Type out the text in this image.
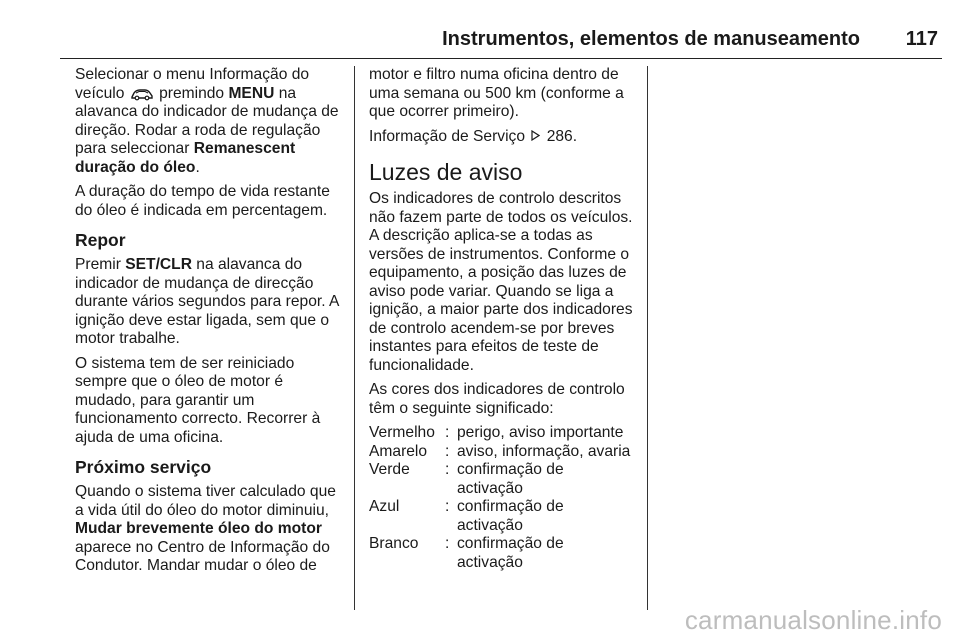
Instrumentos, elementos de manuseamento 117

Selecionar o menu Informação do veículo  premindo MENU na alavanca do indicador de mudança de direção. Rodar a roda de regulação para seleccionar Remanescent duração do óleo.

A duração do tempo de vida restante do óleo é indicada em percentagem.

Repor

Premir SET/CLR na alavanca do indicador de mudança de direcção durante vários segundos para repor. A ignição deve estar ligada, sem que o motor trabalhe.

O sistema tem de ser reiniciado sempre que o óleo de motor é mudado, para garantir um funcionamento correcto. Recorrer à ajuda de uma oficina.

Próximo serviço

Quando o sistema tiver calculado que a vida útil do óleo do motor diminuiu, Mudar brevemente óleo do motor aparece no Centro de Informação do Condutor. Mandar mudar o óleo de

motor e filtro numa oficina dentro de uma semana ou 500 km (conforme a que ocorrer primeiro).

Informação de Serviço  286.

Luzes de aviso

Os indicadores de controlo descritos não fazem parte de todos os veículos. A descrição aplica-se a todas as versões de instrumentos. Conforme o equipamento, a posição das luzes de aviso pode variar. Quando se liga a ignição, a maior parte dos indicadores de controlo acendem-se por breves instantes para efeitos de teste de funcionalidade.

As cores dos indicadores de controlo têm o seguinte significado:

Vermelho : perigo, aviso importante
Amarelo	: aviso, informação, avaria
Verde	: confirmação de activação
Azul	: confirmação de activação
Branco	: confirmação de activação
carmanualsonline.info
